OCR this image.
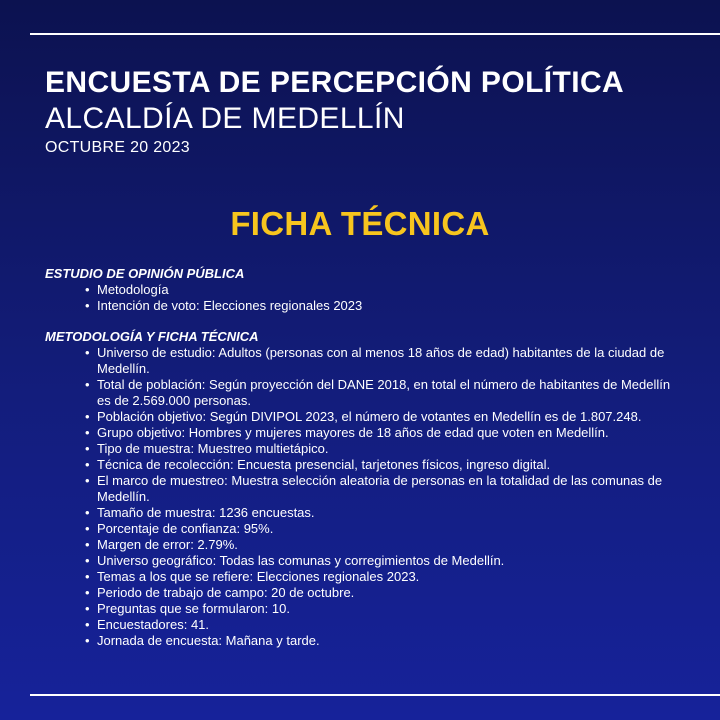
ENCUESTA DE PERCEPCIÓN POLÍTICA
ALCALDÍA DE MEDELLÍN
OCTUBRE 20 2023
FICHA TÉCNICA
ESTUDIO DE OPINIÓN PÚBLICA
• Metodología
• Intención de voto: Elecciones regionales 2023
METODOLOGÍA Y FICHA TÉCNICA
• Universo de estudio: Adultos (personas con al menos 18 años de edad) habitantes de la ciudad de Medellín.
• Total de población: Según proyección del DANE 2018, en total el número de habitantes de Medellín es de 2.569.000 personas.
• Población objetivo: Según DIVIPOL 2023, el número de votantes en Medellín es de 1.807.248.
• Grupo objetivo: Hombres y mujeres mayores de 18 años de edad que voten en Medellín.
• Tipo de muestra: Muestreo multietápico.
• Técnica de recolección: Encuesta presencial, tarjetones físicos, ingreso digital.
• El marco de muestreo: Muestra selección aleatoria de personas en la totalidad de las comunas de Medellín.
• Tamaño de muestra: 1236 encuestas.
• Porcentaje de confianza: 95%.
• Margen de error: 2.79%.
• Universo geográfico: Todas las comunas y corregimientos de Medellín.
• Temas a los que se refiere: Elecciones regionales 2023.
• Periodo de trabajo de campo: 20 de octubre.
• Preguntas que se formularon: 10.
• Encuestadores: 41.
• Jornada de encuesta: Mañana y tarde.
